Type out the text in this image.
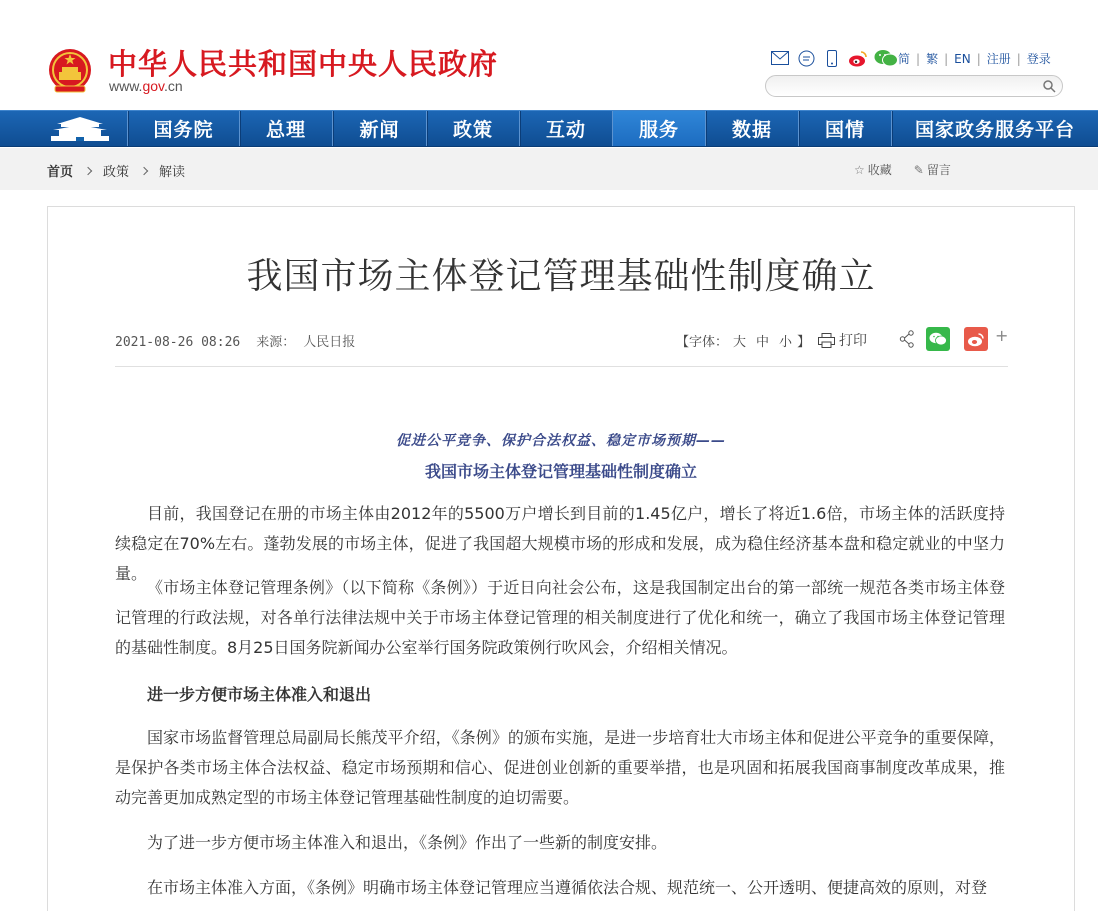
中华人民共和国中央人民政府
www.gov.cn
简 | 繁 | EN | 注册 | 登录
国务院	总理	新闻	政策	互动	服务	数据	国情	国家政务服务平台
首页 政策 解读	☆ 收藏 ✎ 留言
我国市场主体登记管理基础性制度确立
2021-08-26 08:26 来源： 人民日报	【字体： 大 中 小 】 打印	+
促进公平竞争、保护合法权益、稳定市场预期——
我国市场主体登记管理基础性制度确立

目前，我国登记在册的市场主体由2012年的5500万户增长到目前的1.45亿户，增长了将近1.6倍，市场主体的活跃度持续稳定在70%左右。蓬勃发展的市场主体，促进了我国超大规模市场的形成和发展，成为稳住经济基本盘和稳定就业的中坚力量。

《市场主体登记管理条例》（以下简称《条例》）于近日向社会公布，这是我国制定出台的第一部统一规范各类市场主体登记管理的行政法规，对各单行法律法规中关于市场主体登记管理的相关制度进行了优化和统一，确立了我国市场主体登记管理的基础性制度。8月25日国务院新闻办公室举行国务院政策例行吹风会，介绍相关情况。

进一步方便市场主体准入和退出

国家市场监督管理总局副局长熊茂平介绍，《条例》的颁布实施，是进一步培育壮大市场主体和促进公平竞争的重要保障，是保护各类市场主体合法权益、稳定市场预期和信心、促进创业创新的重要举措，也是巩固和拓展我国商事制度改革成果，推动完善更加成熟定型的市场主体登记管理基础性制度的迫切需要。

为了进一步方便市场主体准入和退出，《条例》作出了一些新的制度安排。

在市场主体准入方面，《条例》明确市场主体登记管理应当遵循依法合规、规范统一、公开透明、便捷高效的原则，对登
